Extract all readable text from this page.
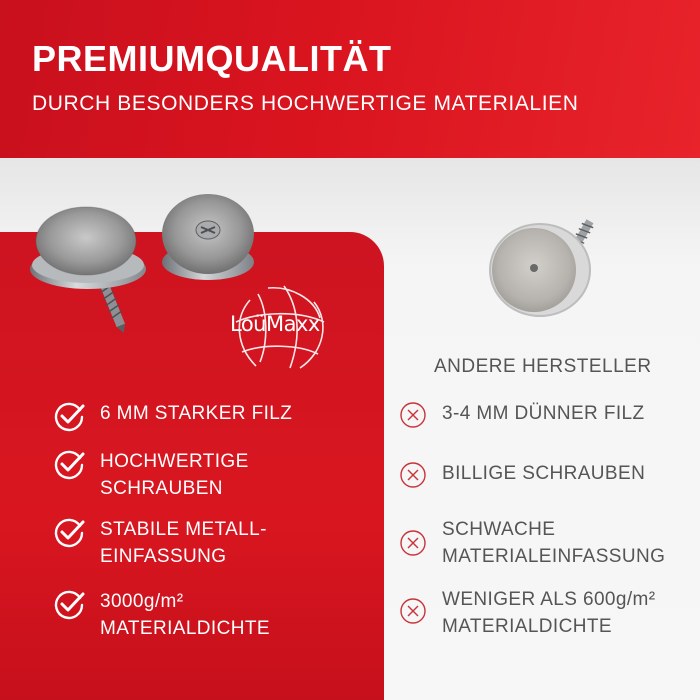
PREMIUMQUALITÄT
DURCH BESONDERS HOCHWERTIGE MATERIALIEN
LoüMaxx
ANDERE HERSTELLER
6 MM STARKER FILZ
HOCHWERTIGE
SCHRAUBEN
STABILE METALL-
EINFASSUNG
3000g/m²
MATERIALDICHTE
3-4 MM DÜNNER FILZ
BILLIGE SCHRAUBEN
SCHWACHE
MATERIALEINFASSUNG
WENIGER ALS 600g/m²
MATERIALDICHTE
